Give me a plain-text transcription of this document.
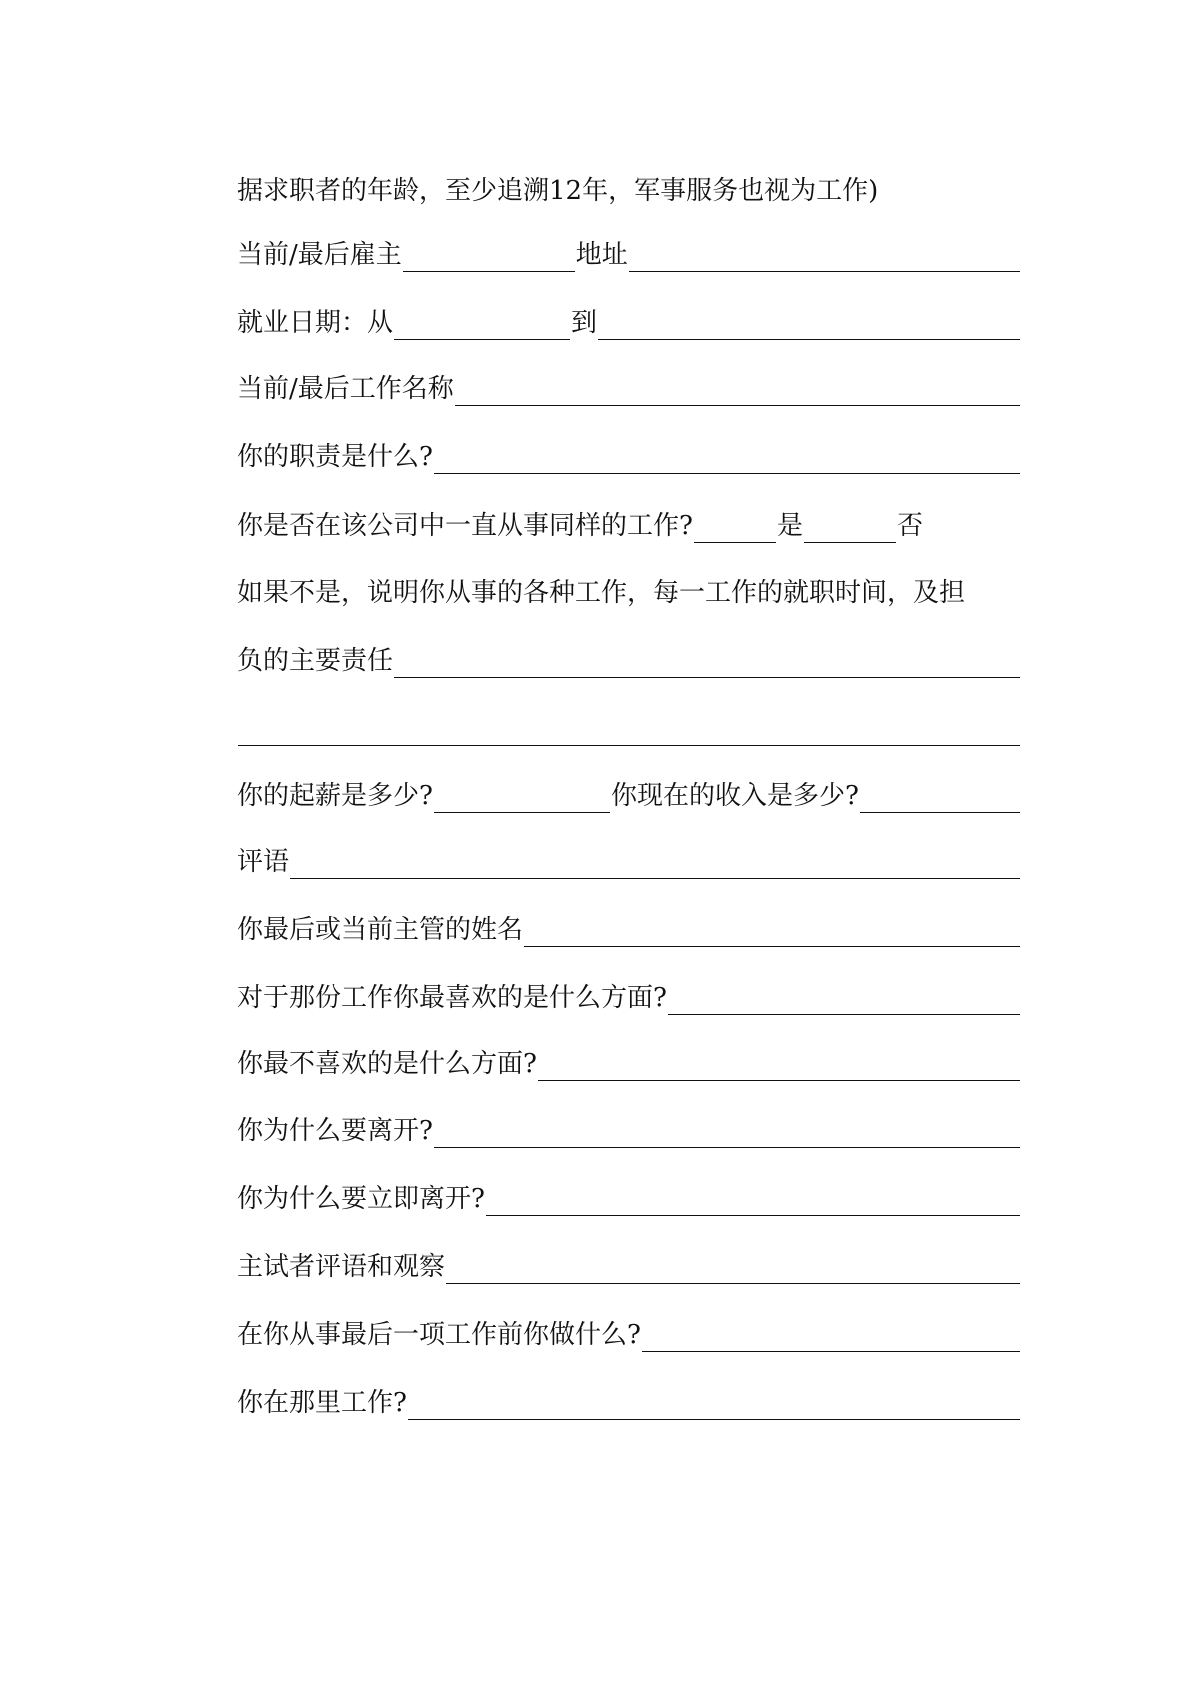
据求职者的年龄，至少追溯12年，军事服务也视为工作)
当前/最后雇主	地址
就业日期：从	到
当前/最后工作名称
你的职责是什么?
你是否在该公司中一直从事同样的工作?	是	否
如果不是，说明你从事的各种工作，每一工作的就职时间，及担
负的主要责任
你的起薪是多少?	你现在的收入是多少?
评语
你最后或当前主管的姓名
对于那份工作你最喜欢的是什么方面?
你最不喜欢的是什么方面?
你为什么要离开?
你为什么要立即离开?
主试者评语和观察
在你从事最后一项工作前你做什么?
你在那里工作?
